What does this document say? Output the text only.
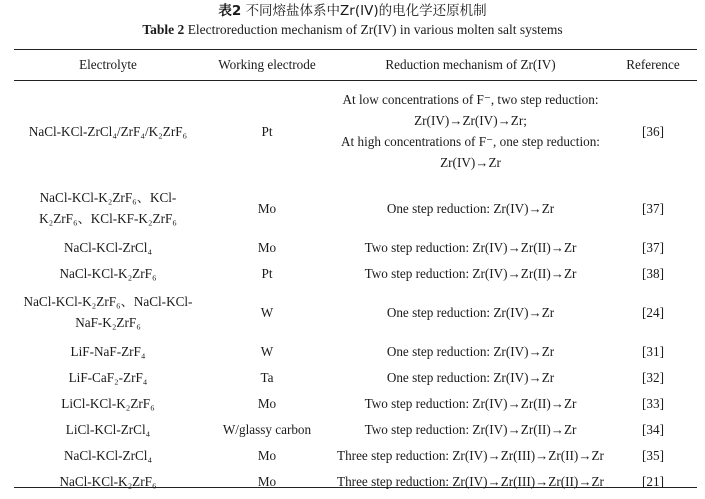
表2 不同熔盐体系中Zr(IV)的电化学还原机制
Table 2 Electroreduction mechanism of Zr(IV) in various molten salt systems
Electrolyte	Working electrode	Reduction mechanism of Zr(IV)	Reference

NaCl-KCl-ZrCl₄/ZrF₄/K₂ZrF₆	Pt	At low concentrations of F⁻, two step reduction:
Zr(IV)→Zr(IV)→Zr;
At high concentrations of F⁻, one step reduction:
Zr(IV)→Zr	[36]

NaCl-KCl-K₂ZrF₆、KCl-
K₂ZrF₆、KCl-KF-K₂ZrF₆	Mo	One step reduction: Zr(IV)→Zr	[37]

NaCl-KCl-ZrCl₄	Mo	Two step reduction: Zr(IV)→Zr(II)→Zr	[37]

NaCl-KCl-K₂ZrF₆	Pt	Two step reduction: Zr(IV)→Zr(II)→Zr	[38]

NaCl-KCl-K₂ZrF₆、NaCl-KCl-
NaF-K₂ZrF₆	W	One step reduction: Zr(IV)→Zr	[24]

LiF-NaF-ZrF₄	W	One step reduction: Zr(IV)→Zr	[31]

LiF-CaF₂-ZrF₄	Ta	One step reduction: Zr(IV)→Zr	[32]

LiCl-KCl-K₂ZrF₆	Mo	Two step reduction: Zr(IV)→Zr(II)→Zr	[33]

LiCl-KCl-ZrCl₄	W/glassy carbon	Two step reduction: Zr(IV)→Zr(II)→Zr	[34]

NaCl-KCl-ZrCl₄	Mo	Three step reduction: Zr(IV)→Zr(III)→Zr(II)→Zr	[35]

NaCl-KCl-K₂ZrF₆	Mo	Three step reduction: Zr(IV)→Zr(III)→Zr(II)→Zr	[21]
